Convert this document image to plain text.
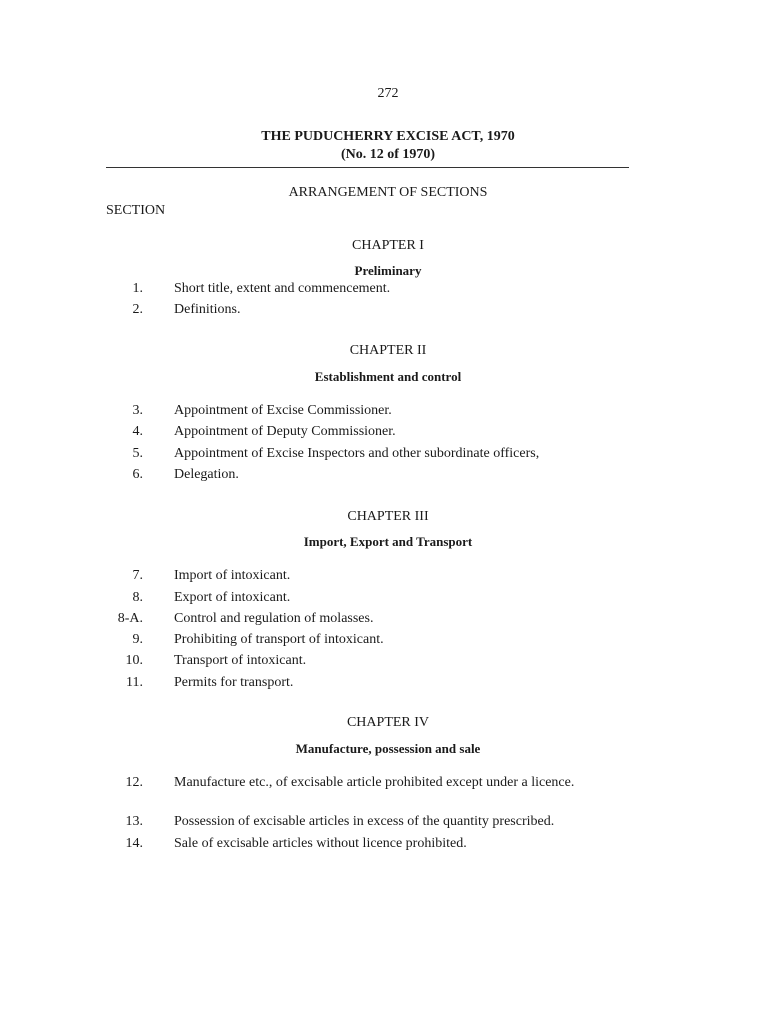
272
THE PUDUCHERRY EXCISE ACT, 1970
(No. 12 of 1970)
ARRANGEMENT OF SECTIONS
SECTION
CHAPTER I
Preliminary
1. Short title, extent and commencement.
2. Definitions.
CHAPTER II
Establishment and control
3. Appointment of Excise Commissioner.
4. Appointment of Deputy Commissioner.
5. Appointment of Excise Inspectors and other subordinate officers,
6. Delegation.
CHAPTER III
Import, Export and Transport
7. Import of intoxicant.
8. Export of intoxicant.
8-A. Control and regulation of molasses.
9. Prohibiting of transport of intoxicant.
10. Transport of intoxicant.
11. Permits for transport.
CHAPTER IV
Manufacture, possession and sale
12. Manufacture etc., of excisable article prohibited except under a licence.
13. Possession of excisable articles in excess of the quantity prescribed.
14. Sale of excisable articles without licence prohibited.
